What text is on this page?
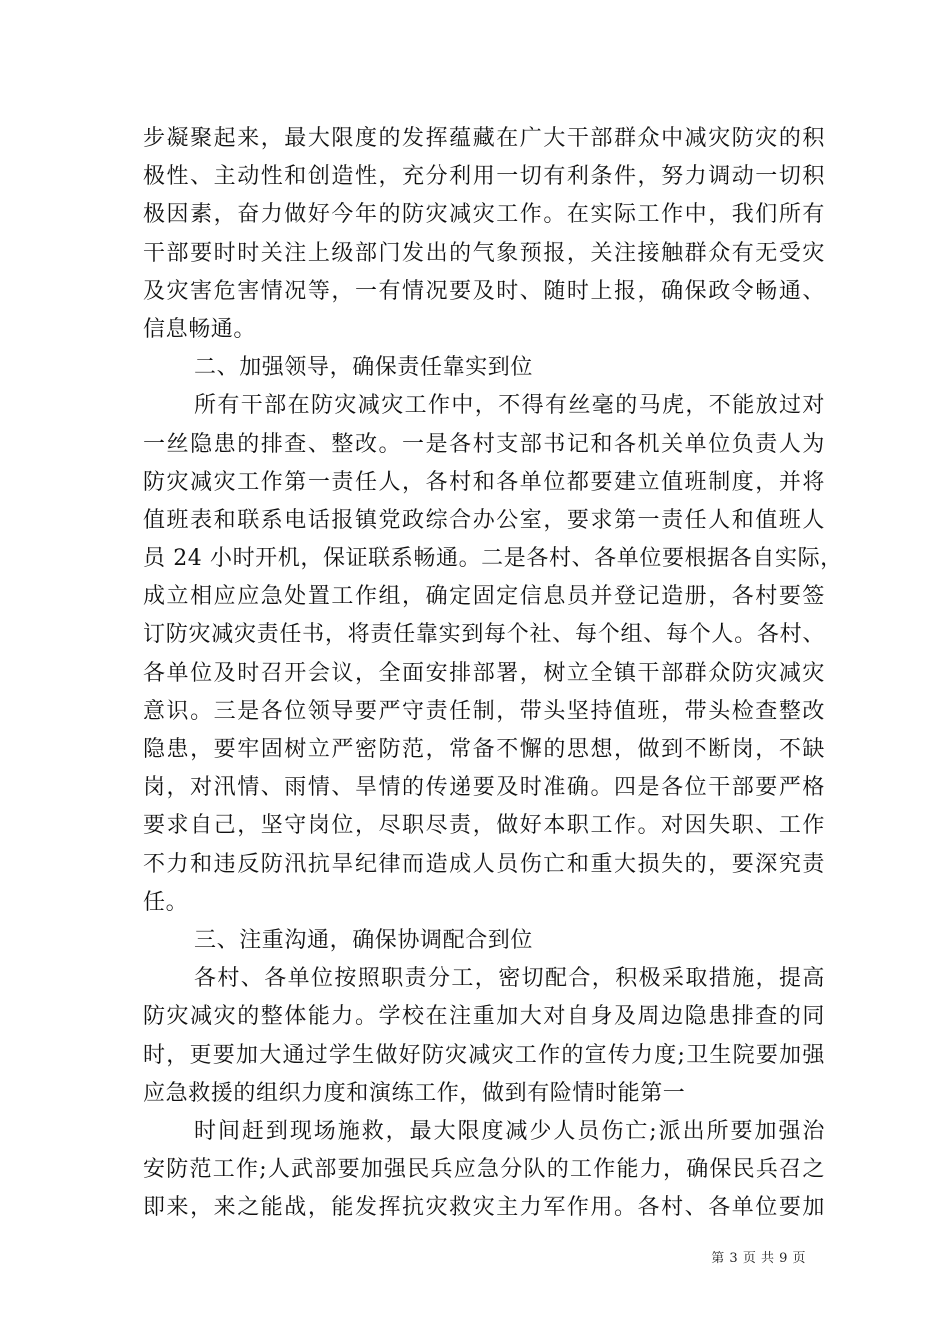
步凝聚起来，最大限度的发挥蕴藏在广大干部群众中减灾防灾的积
极性、主动性和创造性，充分利用一切有利条件，努力调动一切积
极因素，奋力做好今年的防灾减灾工作。在实际工作中，我们所有
干部要时时关注上级部门发出的气象预报，关注接触群众有无受灾
及灾害危害情况等，一有情况要及时、随时上报，确保政令畅通、
信息畅通。
二、加强领导，确保责任靠实到位
所有干部在防灾减灾工作中，不得有丝毫的马虎，不能放过对
一丝隐患的排查、整改。一是各村支部书记和各机关单位负责人为
防灾减灾工作第一责任人，各村和各单位都要建立值班制度，并将
值班表和联系电话报镇党政综合办公室，要求第一责任人和值班人
员 24 小时开机，保证联系畅通。二是各村、各单位要根据各自实际，
成立相应应急处置工作组，确定固定信息员并登记造册，各村要签
订防灾减灾责任书，将责任靠实到每个社、每个组、每个人。各村、
各单位及时召开会议，全面安排部署，树立全镇干部群众防灾减灾
意识。三是各位领导要严守责任制，带头坚持值班，带头检查整改
隐患，要牢固树立严密防范，常备不懈的思想，做到不断岗，不缺
岗，对汛情、雨情、旱情的传递要及时准确。四是各位干部要严格
要求自己，坚守岗位，尽职尽责，做好本职工作。对因失职、工作
不力和违反防汛抗旱纪律而造成人员伤亡和重大损失的，要深究责
任。
三、注重沟通，确保协调配合到位
各村、各单位按照职责分工，密切配合，积极采取措施，提高
防灾减灾的整体能力。学校在注重加大对自身及周边隐患排查的同
时，更要加大通过学生做好防灾减灾工作的宣传力度;卫生院要加强
应急救援的组织力度和演练工作，做到有险情时能第一
时间赶到现场施救，最大限度减少人员伤亡;派出所要加强治
安防范工作;人武部要加强民兵应急分队的工作能力，确保民兵召之
即来，来之能战，能发挥抗灾救灾主力军作用。各村、各单位要加
第 3 页 共 9 页
